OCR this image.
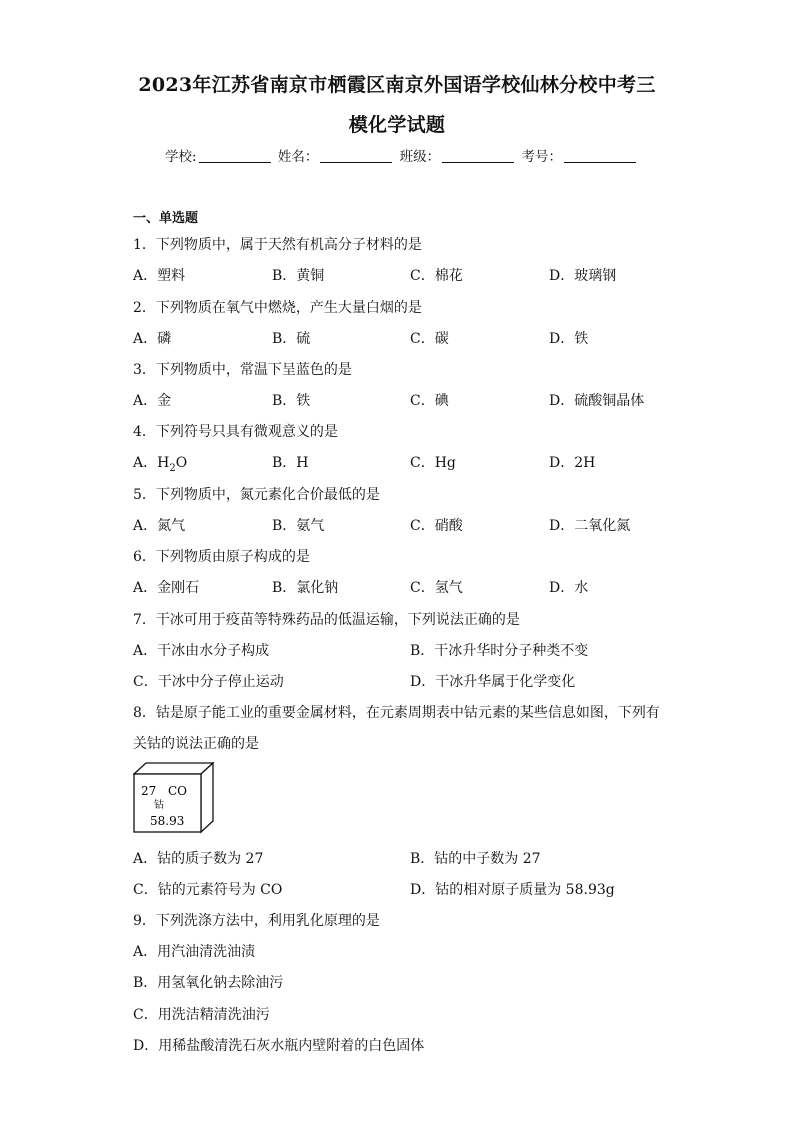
2023年江苏省南京市栖霞区南京外国语学校仙林分校中考三
模化学试题
学校:	姓名：	班级：	考号：
一、单选题
1．下列物质中，属于天然有机高分子材料的是
A．塑料	B．黄铜	C．棉花	D．玻璃钢
2．下列物质在氧气中燃烧，产生大量白烟的是
A．磷	B．硫	C．碳	D．铁
3．下列物质中，常温下呈蓝色的是
A．金	B．铁	C．碘	D．硫酸铜晶体
4．下列符号只具有微观意义的是
A．$H_2O$	B．H	C．Hg	D．2H
5．下列物质中，氮元素化合价最低的是
A．氮气	B．氨气	C．硝酸	D．二氧化氮
6．下列物质由原子构成的是
A．金刚石	B．氯化钠	C．氢气	D．水
7．干冰可用于疫苗等特殊药品的低温运输，下列说法正确的是
A．干冰由水分子构成	B．干冰升华时分子种类不变
C．干冰中分子停止运动	D．干冰升华属于化学变化
8．钴是原子能工业的重要金属材料，在元素周期表中钴元素的某些信息如图，下列有
关钴的说法正确的是
27 CO
钴
58.93
A．钴的质子数为 27	B．钴的中子数为 27
C．钴的元素符号为 CO	D．钴的相对原子质量为 58.93g
9．下列洗涤方法中，利用乳化原理的是
A．用汽油清洗油渍
B．用氢氧化钠去除油污
C．用洗洁精清洗油污
D．用稀盐酸清洗石灰水瓶内壁附着的白色固体
